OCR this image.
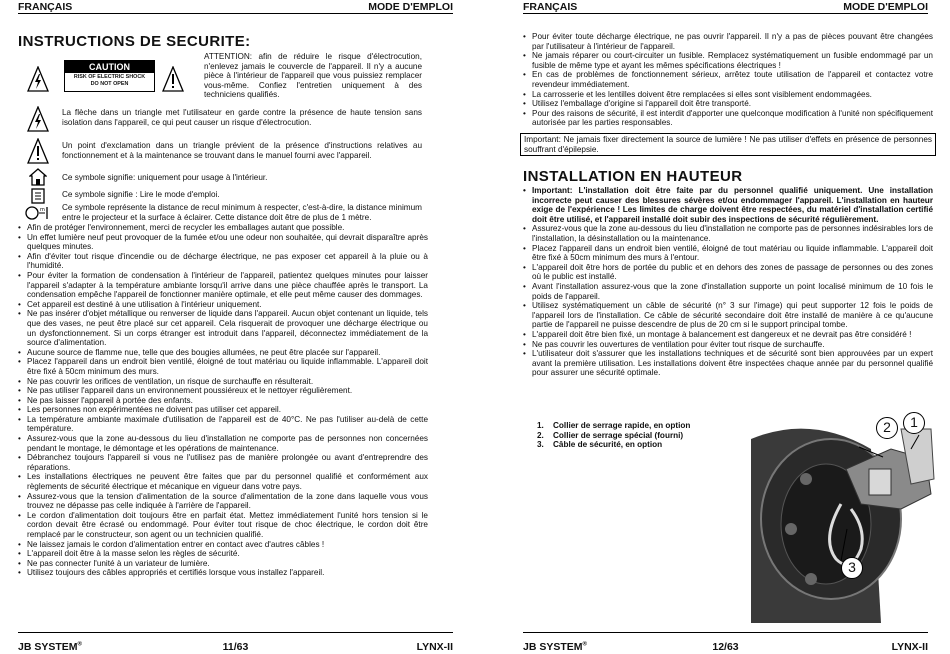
FRANÇAIS	MODE D'EMPLOI
INSTRUCTIONS DE SECURITE:
CAUTION
RISK OF ELECTRIC SHOCK
DO NOT OPEN
ATTENTION: afin de réduire le risque d'électrocution, n'enlevez jamais le couvercle de l'appareil. Il n'y a aucune pièce à l'intérieur de l'appareil que vous puissiez remplacer vous-même. Confiez l'entretien uniquement à des techniciens qualifiés.
La flèche dans un triangle met l'utilisateur en garde contre la présence de haute tension sans isolation dans l'appareil, ce qui peut causer un risque d'électrocution.
Un point d'exclamation dans un triangle prévient de la présence d'instructions relatives au fonctionnement et à la maintenance se trouvant dans le manuel fourni avec l'appareil.
Ce symbole signifie: uniquement pour usage à l'intérieur.
Ce symbole signifie : Lire le mode d'emploi.
m Ce symbole représente la distance de recul minimum à respecter, c'est-à-dire, la distance minimum entre le projecteur et la surface à éclairer. Cette distance doit être de plus de 1 mètre.
• Afin de protéger l'environnement, merci de recycler les emballages autant que possible.
• Un effet lumière neuf peut provoquer de la fumée et/ou une odeur non souhaitée, qui devrait disparaître après quelques minutes.
• Afin d'éviter tout risque d'incendie ou de décharge électrique, ne pas exposer cet appareil à la pluie ou à l'humidité.
• Pour éviter la formation de condensation à l'intérieur de l'appareil, patientez quelques minutes pour laisser l'appareil s'adapter à la température ambiante lorsqu'il arrive dans une pièce chauffée après le transport. La condensation empêche l'appareil de fonctionner manière optimale, et elle peut même causer des dommages.
• Cet appareil est destiné à une utilisation à l'intérieur uniquement.
• Ne pas insérer d'objet métallique ou renverser de liquide dans l'appareil. Aucun objet contenant un liquide, tels que des vases, ne peut être placé sur cet appareil. Cela risquerait de provoquer une décharge électrique ou un dysfonctionnement. Si un corps étranger est introduit dans l'appareil, déconnectez immédiatement de la source d'alimentation.
• Aucune source de flamme nue, telle que des bougies allumées, ne peut être placée sur l'appareil.
• Placez l'appareil dans un endroit bien ventilé, éloigné de tout matériau ou liquide inflammable. L'appareil doit être fixé à 50cm minimum des murs.
• Ne pas couvrir les orifices de ventilation, un risque de surchauffe en résulterait.
• Ne pas utiliser l'appareil dans un environnement poussiéreux et le nettoyer régulièrement.
• Ne pas laisser l'appareil à portée des enfants.
• Les personnes non expérimentées ne doivent pas utiliser cet appareil.
• La température ambiante maximale d'utilisation de l'appareil est de 40°C. Ne pas l'utiliser au-delà de cette température.
• Assurez-vous que la zone au-dessous du lieu d'installation ne comporte pas de personnes non concernées pendant le montage, le démontage et les opérations de maintenance.
• Débranchez toujours l'appareil si vous ne l'utilisez pas de manière prolongée ou avant d'entreprendre des réparations.
• Les installations électriques ne peuvent être faites que par du personnel qualifié et conformément aux règlements de sécurité électrique et mécanique en vigueur dans votre pays.
• Assurez-vous que la tension d'alimentation de la source d'alimentation de la zone dans laquelle vous vous trouvez ne dépasse pas celle indiquée à l'arrière de l'appareil.
• Le cordon d'alimentation doit toujours être en parfait état. Mettez immédiatement l'unité hors tension si le cordon devait être écrasé ou endommagé. Pour éviter tout risque de choc électrique, le cordon doit être remplacé par le constructeur, son agent ou un technicien qualifié.
• Ne laissez jamais le cordon d'alimentation entrer en contact avec d'autres câbles !
• L'appareil doit être à la masse selon les règles de sécurité.
• Ne pas connecter l'unité à un variateur de lumière.
• Utilisez toujours des câbles appropriés et certifiés lorsque vous installez l'appareil.
JB SYSTEM®	11/63	LYNX-II
FRANÇAIS	MODE D'EMPLOI
• Pour éviter toute décharge électrique, ne pas ouvrir l'appareil. Il n'y a pas de pièces pouvant être changées par l'utilisateur à l'intérieur de l'appareil.
• Ne jamais réparer ou court-circuiter un fusible. Remplacez systématiquement un fusible endommagé par un fusible de même type et ayant les mêmes spécifications électriques !
• En cas de problèmes de fonctionnement sérieux, arrêtez toute utilisation de l'appareil et contactez votre revendeur immédiatement.
• La carrosserie et les lentilles doivent être remplacées si elles sont visiblement endommagées.
• Utilisez l'emballage d'origine si l'appareil doit être transporté.
• Pour des raisons de sécurité, il est interdit d'apporter une quelconque modification à l'unité non spécifiquement autorisée par les parties responsables.
Important: Ne jamais fixer directement la source de lumière ! Ne pas utiliser d'effets en présence de personnes souffrant d'épilepsie.
INSTALLATION EN HAUTEUR
• Important: L'installation doit être faite par du personnel qualifié uniquement. Une installation incorrecte peut causer des blessures sévères et/ou endommager l'appareil. L'installation en hauteur exige de l'expérience ! Les limites de charge doivent être respectées, du matériel d'installation certifié doit être utilisé, et l'appareil installé doit subir des inspections de sécurité régulièrement.
• Assurez-vous que la zone au-dessous du lieu d'installation ne comporte pas de personnes indésirables lors de l'installation, la désinstallation ou la maintenance.
• Placez l'appareil dans un endroit bien ventilé, éloigné de tout matériau ou liquide inflammable. L'appareil doit être fixé à 50cm minimum des murs à l'entour.
• L'appareil doit être hors de portée du public et en dehors des zones de passage de personnes ou des zones où le public est installé.
• Avant l'installation assurez-vous que la zone d'installation supporte un point localisé minimum de 10 fois le poids de l'appareil.
• Utilisez systématiquement un câble de sécurité (n° 3 sur l'image) qui peut supporter 12 fois le poids de l'appareil lors de l'installation. Ce câble de sécurité secondaire doit être installé de manière à ce qu'aucune partie de l'appareil ne puisse descendre de plus de 20 cm si le support principal tombe.
• L'appareil doit être bien fixé, un montage à balancement est dangereux et ne devrait pas être considéré !
• Ne pas couvrir les ouvertures de ventilation pour éviter tout risque de surchauffe.
• L'utilisateur doit s'assurer que les installations techniques et de sécurité sont bien approuvées par un expert avant la première utilisation. Les installations doivent être inspectées chaque année par du personnel qualifié pour assurer une sécurité optimale.
1. Collier de serrage rapide, en option
2. Collier de serrage spécial (fourni)
3. Câble de sécurité, en option
JB SYSTEM®	12/63	LYNX-II
2	1
3
